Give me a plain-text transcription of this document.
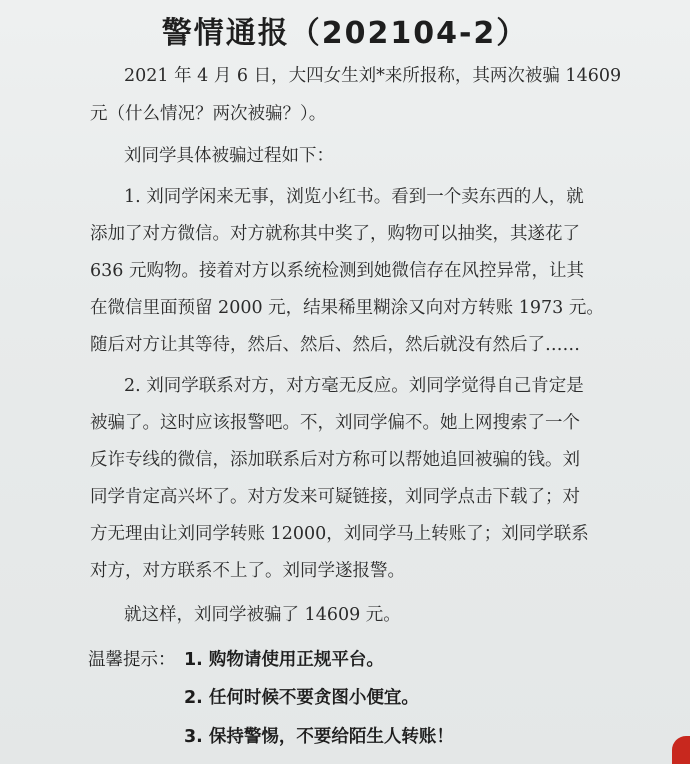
警情通报（202104-2）
2021 年 4 月 6 日，大四女生刘*来所报称，其两次被骗 14609
元（什么情况？两次被骗？）。
刘同学具体被骗过程如下：
1. 刘同学闲来无事，浏览小红书。看到一个卖东西的人，就
添加了对方微信。对方就称其中奖了，购物可以抽奖，其遂花了
636 元购物。接着对方以系统检测到她微信存在风控异常，让其
在微信里面预留 2000 元，结果稀里糊涂又向对方转账 1973 元。
随后对方让其等待，然后、然后、然后，然后就没有然后了……
2. 刘同学联系对方，对方毫无反应。刘同学觉得自己肯定是
被骗了。这时应该报警吧。不，刘同学偏不。她上网搜索了一个
反诈专线的微信，添加联系后对方称可以帮她追回被骗的钱。刘
同学肯定高兴坏了。对方发来可疑链接，刘同学点击下载了；对
方无理由让刘同学转账 12000，刘同学马上转账了；刘同学联系
对方，对方联系不上了。刘同学遂报警。
就这样，刘同学被骗了 14609 元。
温馨提示： 1. 购物请使用正规平台。
2. 任何时候不要贪图小便宜。
3. 保持警惕，不要给陌生人转账！
